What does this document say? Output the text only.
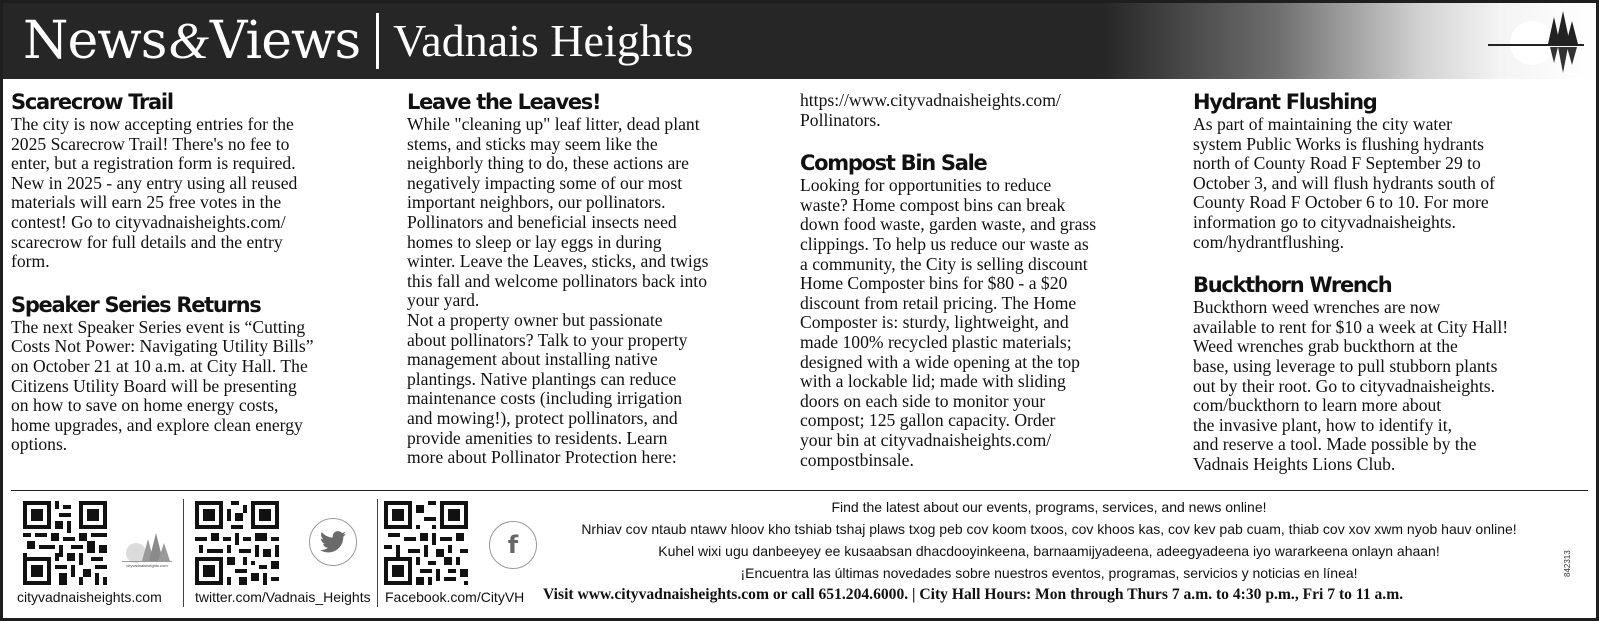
News&Views Vadnais Heights
Scarecrow Trail

The city is now accepting entries for the
2025 Scarecrow Trail! There's no fee to
enter, but a registration form is required.
New in 2025 - any entry using all reused
materials will earn 25 free votes in the
contest! Go to cityvadnaisheights.com/
scarecrow for full details and the entry
form.

Speaker Series Returns

The next Speaker Series event is “Cutting
Costs Not Power: Navigating Utility Bills”
on October 21 at 10 a.m. at City Hall. The
Citizens Utility Board will be presenting
on how to save on home energy costs,
home upgrades, and explore clean energy
options.

Leave the Leaves!

While "cleaning up" leaf litter, dead plant
stems, and sticks may seem like the
neighborly thing to do, these actions are
negatively impacting some of our most
important neighbors, our pollinators.
Pollinators and beneficial insects need
homes to sleep or lay eggs in during
winter. Leave the Leaves, sticks, and twigs
this fall and welcome pollinators back into
your yard.
Not a property owner but passionate
about pollinators? Talk to your property
management about installing native
plantings. Native plantings can reduce
maintenance costs (including irrigation
and mowing!), protect pollinators, and
provide amenities to residents. Learn
more about Pollinator Protection here:

https://www.cityvadnaisheights.com/
Pollinators.

Compost Bin Sale

Looking for opportunities to reduce
waste? Home compost bins can break
down food waste, garden waste, and grass
clippings. To help us reduce our waste as
a community, the City is selling discount
Home Composter bins for $80 - a $20
discount from retail pricing. The Home
Composter is: sturdy, lightweight, and
made 100% recycled plastic materials;
designed with a wide opening at the top
with a lockable lid; made with sliding
doors on each side to monitor your
compost; 125 gallon capacity. Order
your bin at cityvadnaisheights.com/
compostbinsale.

Hydrant Flushing

As part of maintaining the city water
system Public Works is flushing hydrants
north of County Road F September 29 to
October 3, and will flush hydrants south of
County Road F October 6 to 10. For more
information go to cityvadnaisheights.
com/hydrantflushing.

Buckthorn Wrench

Buckthorn weed wrenches are now
available to rent for $10 a week at City Hall!
Weed wrenches grab buckthorn at the
base, using leverage to pull stubborn plants
out by their root. Go to cityvadnaisheights.
com/buckthorn to learn more about
the invasive plant, how to identify it,
and reserve a tool. Made possible by the
Vadnais Heights Lions Club.

cityvadnaisheights.com
f
cityvadnaisheights.com twitter.com/Vadnais_Heights Facebook.com/CityVH
Find the latest about our events, programs, services, and news online!
Nrhiav cov ntaub ntawv hloov kho tshiab tshaj plaws txog peb cov koom txoos, cov khoos kas, cov kev pab cuam, thiab cov xov xwm nyob hauv online!
Kuhel wixi ugu danbeeyey ee kusaabsan dhacdooyinkeena, barnaamijyadeena, adeegyadeena iyo wararkeena onlayn ahaan!
¡Encuentra las últimas novedades sobre nuestros eventos, programas, servicios y noticias en línea!
Visit www.cityvadnaisheights.com or call 651.204.6000. | City Hall Hours: Mon through Thurs 7 a.m. to 4:30 p.m., Fri 7 to 11 a.m.
842313
